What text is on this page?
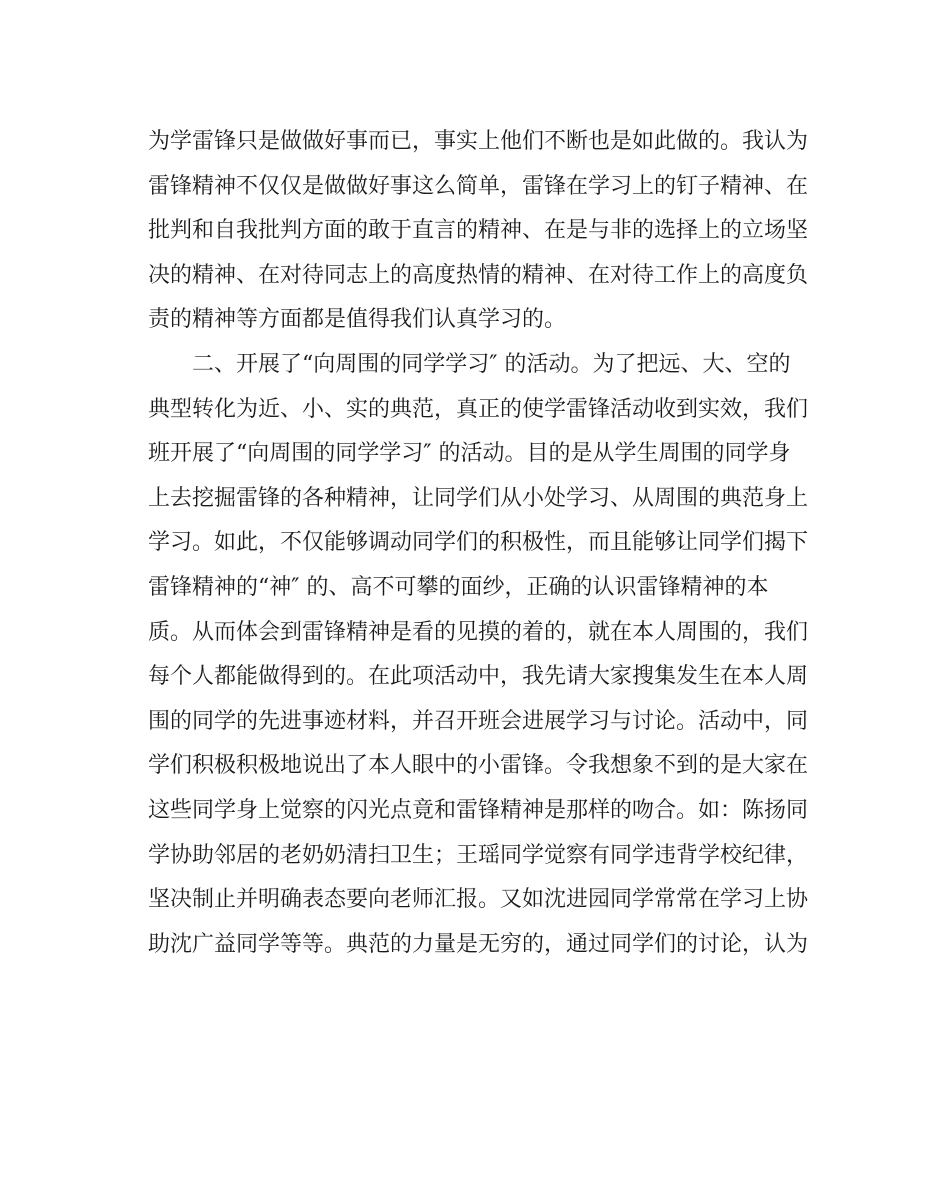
为学雷锋只是做做好事而已，事实上他们不断也是如此做的。我认为
雷锋精神不仅仅是做做好事这么简单，雷锋在学习上的钉子精神、在
批判和自我批判方面的敢于直言的精神、在是与非的选择上的立场坚
决的精神、在对待同志上的高度热情的精神、在对待工作上的高度负
责的精神等方面都是值得我们认真学习的。
二、开展了“向周围的同学学习″ 的活动。为了把远、大、空的
典型转化为近、小、实的典范，真正的使学雷锋活动收到实效，我们
班开展了“向周围的同学学习″ 的活动。目的是从学生周围的同学身
上去挖掘雷锋的各种精神，让同学们从小处学习、从周围的典范身上
学习。如此，不仅能够调动同学们的积极性，而且能够让同学们揭下
雷锋精神的“神″ 的、高不可攀的面纱，正确的认识雷锋精神的本
质。从而体会到雷锋精神是看的见摸的着的，就在本人周围的，我们
每个人都能做得到的。在此项活动中，我先请大家搜集发生在本人周
围的同学的先进事迹材料，并召开班会进展学习与讨论。活动中，同
学们积极积极地说出了本人眼中的小雷锋。令我想象不到的是大家在
这些同学身上觉察的闪光点竟和雷锋精神是那样的吻合。如：陈扬同
学协助邻居的老奶奶清扫卫生；王瑶同学觉察有同学违背学校纪律，
坚决制止并明确表态要向老师汇报。又如沈进园同学常常在学习上协
助沈广益同学等等。典范的力量是无穷的，通过同学们的讨论，认为
